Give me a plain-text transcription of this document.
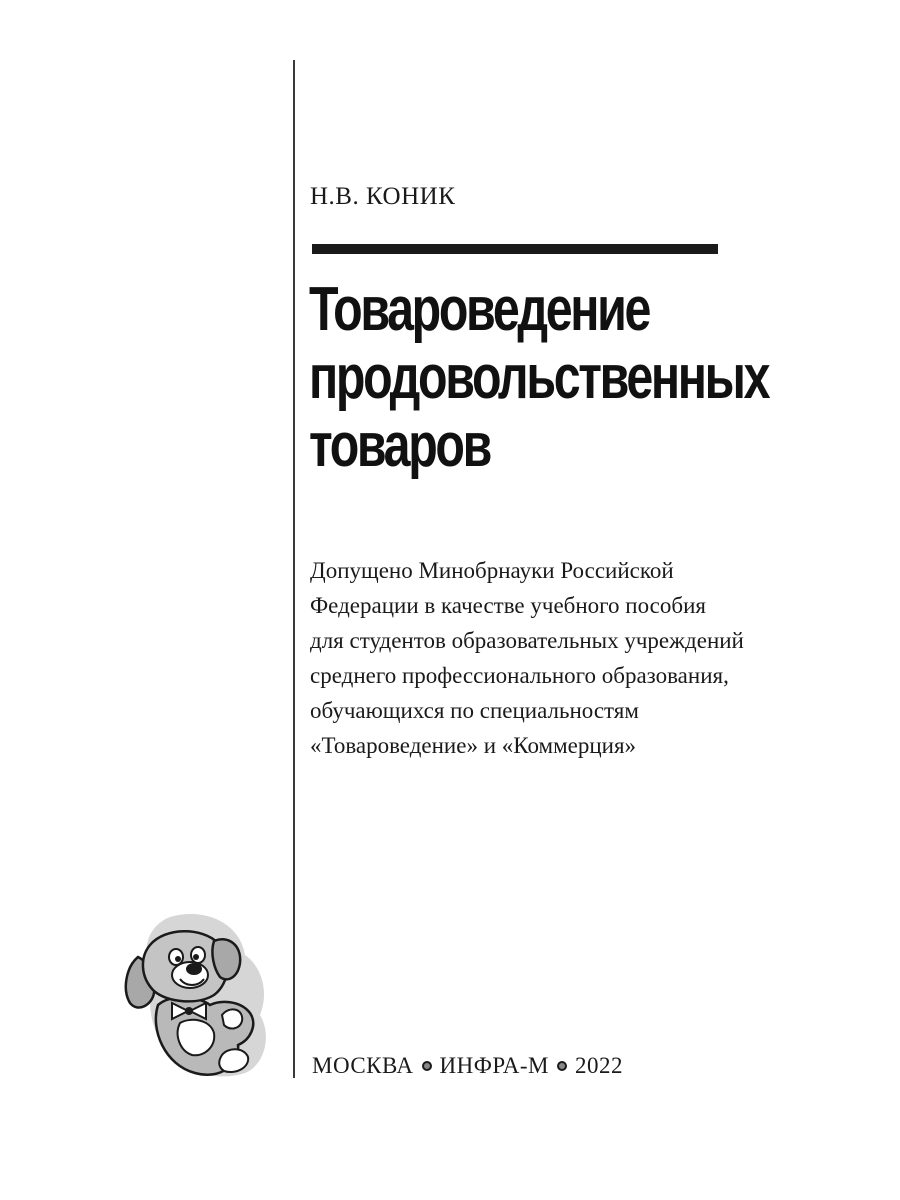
Н.В. КОНИК
Товароведение
продовольственных
товаров
Допущено Минобрнауки Российской
Федерации в качестве учебного пособия
для студентов образовательных учреждений
среднего профессионального образования,
обучающихся по специальностям
«Товароведение» и «Коммерция»
МОСКВА ИНФРА-М 2022
